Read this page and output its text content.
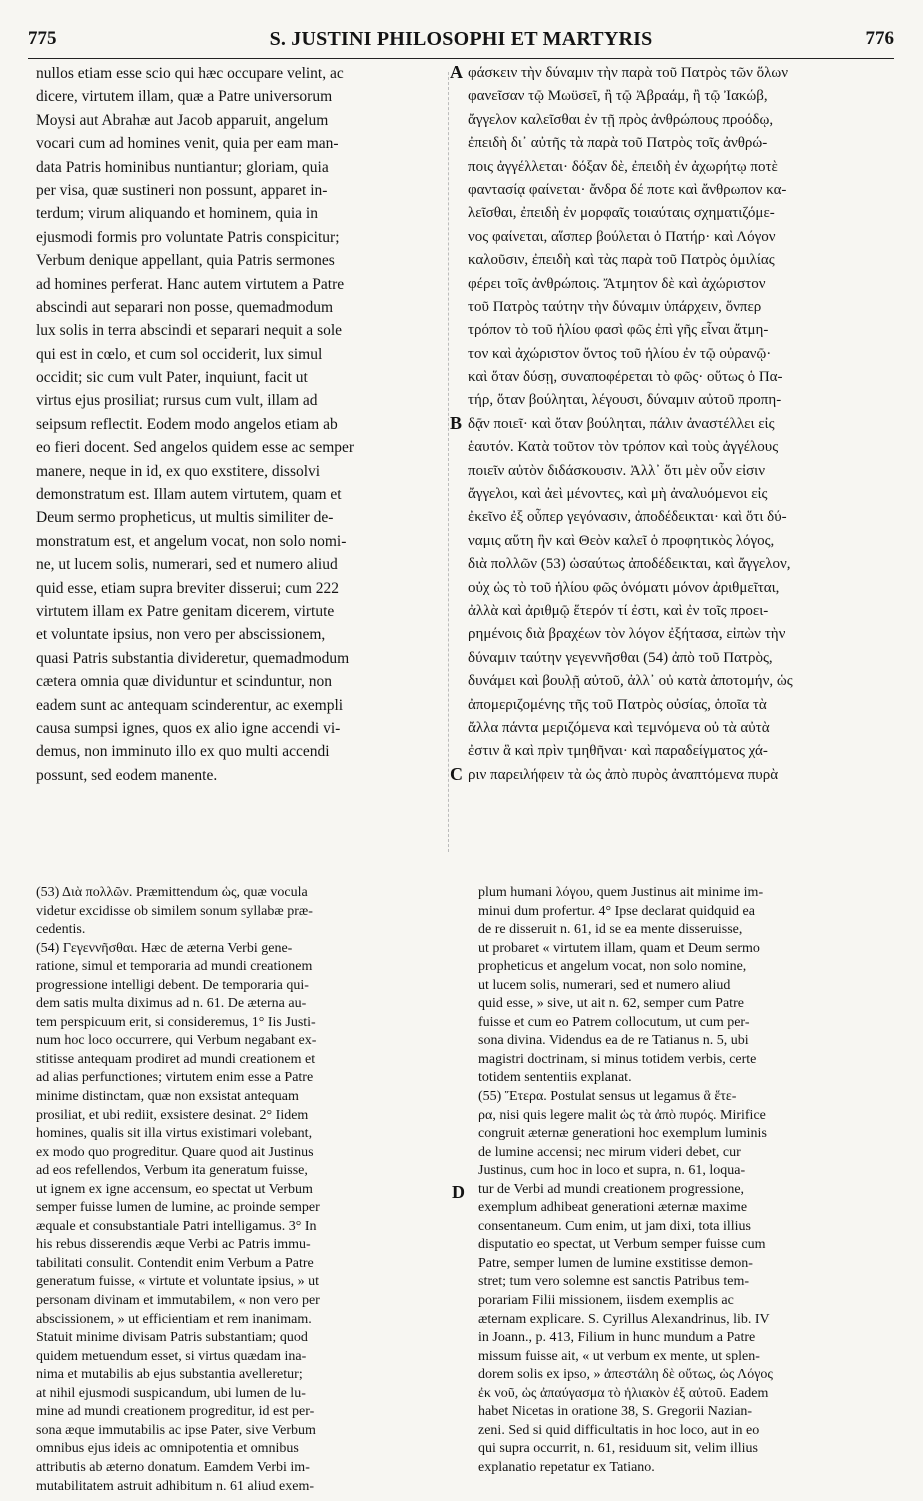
775	S. JUSTINI PHILOSOPHI ET MARTYRIS	776
nullos etiam esse scio qui hæc occupare velint, ac
dicere, virtutem illam, quæ a Patre universorum
Moysi aut Abrahæ aut Jacob apparuit, angelum
vocari cum ad homines venit, quia per eam man-
data Patris hominibus nuntiantur; gloriam, quia
per visa, quæ sustineri non possunt, apparet in-
terdum; virum aliquando et hominem, quia in
ejusmodi formis pro voluntate Patris conspicitur;
Verbum denique appellant, quia Patris sermones
ad homines perferat. Hanc autem virtutem a Patre
abscindi aut separari non posse, quemadmodum
lux solis in terra abscindi et separari nequit a sole
qui est in cœlo, et cum sol occiderit, lux simul
occidit; sic cum vult Pater, inquiunt, facit ut
virtus ejus prosiliat; rursus cum vult, illam ad
seipsum reflectit. Eodem modo angelos etiam ab
eo fieri docent. Sed angelos quidem esse ac semper
manere, neque in id, ex quo exstitere, dissolvi
demonstratum est. Illam autem virtutem, quam et
Deum sermo propheticus, ut multis similiter de-
monstratum est, et angelum vocat, non solo nomi-
ne, ut lucem solis, numerari, sed et numero aliud
quid esse, etiam supra breviter disserui; cum 222
virtutem illam ex Patre genitam dicerem, virtute
et voluntate ipsius, non vero per abscissionem,
quasi Patris substantia divideretur, quemadmodum
cætera omnia quæ dividuntur et scinduntur, non
eadem sunt ac antequam scinderentur, ac exempli
causa sumpsi ignes, quos ex alio igne accendi vi-
demus, non imminuto illo ex quo multi accendi
possunt, sed eodem manente.
A
B
C
φάσκειν τὴν δύναμιν τὴν παρὰ τοῦ Πατρὸς τῶν ὅλων
φανεῖσαν τῷ Μωϋσεῖ, ἢ τῷ Ἀβραάμ, ἢ τῷ Ἰακώβ,
ἄγγελον καλεῖσθαι ἐν τῇ πρὸς ἀνθρώπους προόδῳ,
ἐπειδὴ δι᾽ αὐτῆς τὰ παρὰ τοῦ Πατρὸς τοῖς ἀνθρώ-
ποις ἀγγέλλεται· δόξαν δὲ, ἐπειδὴ ἐν ἀχωρήτῳ ποτὲ
φαντασίᾳ φαίνεται· ἄνδρα δέ ποτε καὶ ἄνθρωπον κα-
λεῖσθαι, ἐπειδὴ ἐν μορφαῖς τοιαύταις σχηματιζόμε-
νος φαίνεται, αἵσπερ βούλεται ὁ Πατήρ· καὶ Λόγον
καλοῦσιν, ἐπειδὴ καὶ τὰς παρὰ τοῦ Πατρὸς ὁμιλίας
φέρει τοῖς ἀνθρώποις. Ἄτμητον δὲ καὶ ἀχώριστον
τοῦ Πατρὸς ταύτην τὴν δύναμιν ὑπάρχειν, ὅνπερ
τρόπον τὸ τοῦ ἡλίου φασὶ φῶς ἐπὶ γῆς εἶναι ἄτμη-
τον καὶ ἀχώριστον ὄντος τοῦ ἡλίου ἐν τῷ οὐρανῷ·
καὶ ὅταν δύσῃ, συναποφέρεται τὸ φῶς· οὕτως ὁ Πα-
τήρ, ὅταν βούληται, λέγουσι, δύναμιν αὐτοῦ προπη-
δᾷν ποιεῖ· καὶ ὅταν βούληται, πάλιν ἀναστέλλει εἰς
ἑαυτόν. Κατὰ τοῦτον τὸν τρόπον καὶ τοὺς ἀγγέλους
ποιεῖν αὐτὸν διδάσκουσιν. Ἀλλ᾽ ὅτι μὲν οὖν εἰσιν
ἄγγελοι, καὶ ἀεὶ μένοντες, καὶ μὴ ἀναλυόμενοι εἰς
ἐκεῖνο ἐξ οὗπερ γεγόνασιν, ἀποδέδεικται· καὶ ὅτι δύ-
ναμις αὕτη ἣν καὶ Θεὸν καλεῖ ὁ προφητικὸς λόγος,
διὰ πολλῶν (53) ὡσαύτως ἀποδέδεικται, καὶ ἄγγελον,
οὐχ ὡς τὸ τοῦ ἡλίου φῶς ὀνόματι μόνον ἀριθμεῖται,
ἀλλὰ καὶ ἀριθμῷ ἕτερόν τί ἐστι, καὶ ἐν τοῖς προει-
ρημένοις διὰ βραχέων τὸν λόγον ἐξήτασα, εἰπὼν τὴν
δύναμιν ταύτην γεγεννῆσθαι (54) ἀπὸ τοῦ Πατρὸς,
δυνάμει καὶ βουλῇ αὐτοῦ, ἀλλ᾽ οὐ κατὰ ἀποτομήν, ὡς
ἀπομεριζομένης τῆς τοῦ Πατρὸς οὐσίας, ὁποῖα τὰ
ἄλλα πάντα μεριζόμενα καὶ τεμνόμενα οὐ τὰ αὐτὰ
ἐστιν ἃ καὶ πρὶν τμηθῆναι· καὶ παραδείγματος χά-
ριν παρειλήφειν τὰ ὡς ἀπὸ πυρὸς ἀναπτόμενα πυρὰ
(53) Διὰ πολλῶν. Præmittendum ὡς, quæ vocula
videtur excidisse ob similem sonum syllabæ præ-
cedentis.
(54) Γεγεννῆσθαι. Hæc de æterna Verbi gene-
ratione, simul et temporaria ad mundi creationem
progressione intelligi debent. De temporaria qui-
dem satis multa diximus ad n. 61. De æterna au-
tem perspicuum erit, si consideremus, 1° Iis Justi-
num hoc loco occurrere, qui Verbum negabant ex-
stitisse antequam prodiret ad mundi creationem et
ad alias perfunctiones; virtutem enim esse a Patre
minime distinctam, quæ non exsistat antequam
prosiliat, et ubi rediit, exsistere desinat. 2° Iidem
homines, qualis sit illa virtus existimari volebant,
ex modo quo progreditur. Quare quod ait Justinus
ad eos refellendos, Verbum ita generatum fuisse,
ut ignem ex igne accensum, eo spectat ut Verbum
semper fuisse lumen de lumine, ac proinde semper
æquale et consubstantiale Patri intelligamus. 3° In
his rebus disserendis æque Verbi ac Patris immu-
tabilitati consulit. Contendit enim Verbum a Patre
generatum fuisse, « virtute et voluntate ipsius, » ut
personam divinam et immutabilem, « non vero per
abscissionem, » ut efficientiam et rem inanimam.
Statuit minime divisam Patris substantiam; quod
quidem metuendum esset, si virtus quædam ina-
nima et mutabilis ab ejus substantia avelleretur;
at nihil ejusmodi suspicandum, ubi lumen de lu-
mine ad mundi creationem progreditur, id est per-
sona æque immutabilis ac ipse Pater, sive Verbum
omnibus ejus ideis ac omnipotentia et omnibus
attributis ab æterno donatum. Eamdem Verbi im-
mutabilitatem astruit adhibitum n. 61 aliud exem-
D
plum humani λόγου, quem Justinus ait minime im-
minui dum profertur. 4° Ipse declarat quidquid ea
de re disseruit n. 61, id se ea mente disseruisse,
ut probaret « virtutem illam, quam et Deum sermo
propheticus et angelum vocat, non solo nomine,
ut lucem solis, numerari, sed et numero aliud
quid esse, » sive, ut ait n. 62, semper cum Patre
fuisse et cum eo Patrem collocutum, ut cum per-
sona divina. Videndus ea de re Tatianus n. 5, ubi
magistri doctrinam, si minus totidem verbis, certe
totidem sententiis explanat.
(55) Ἕτερα. Postulat sensus ut legamus ἃ ἕτε-
ρα, nisi quis legere malit ὡς τὰ ἀπὸ πυρός. Mirifice
congruit æternæ generationi hoc exemplum luminis
de lumine accensi; nec mirum videri debet, cur
Justinus, cum hoc in loco et supra, n. 61, loqua-
tur de Verbi ad mundi creationem progressione,
exemplum adhibeat generationi æternæ maxime
consentaneum. Cum enim, ut jam dixi, tota illius
disputatio eo spectat, ut Verbum semper fuisse cum
Patre, semper lumen de lumine exstitisse demon-
stret; tum vero solemne est sanctis Patribus tem-
porariam Filii missionem, iisdem exemplis ac
æternam explicare. S. Cyrillus Alexandrinus, lib. IV
in Joann., p. 413, Filium in hunc mundum a Patre
missum fuisse ait, « ut verbum ex mente, ut splen-
dorem solis ex ipso, » ἀπεστάλη δὲ οὕτως, ὡς Λόγος
ἐκ νοῦ, ὡς ἀπαύγασμα τὸ ἡλιακὸν ἐξ αὐτοῦ. Eadem
habet Nicetas in oratione 38, S. Gregorii Nazian-
zeni. Sed si quid difficultatis in hoc loco, aut in eo
qui supra occurrit, n. 61, residuum sit, velim illius
explanatio repetatur ex Tatiano.
